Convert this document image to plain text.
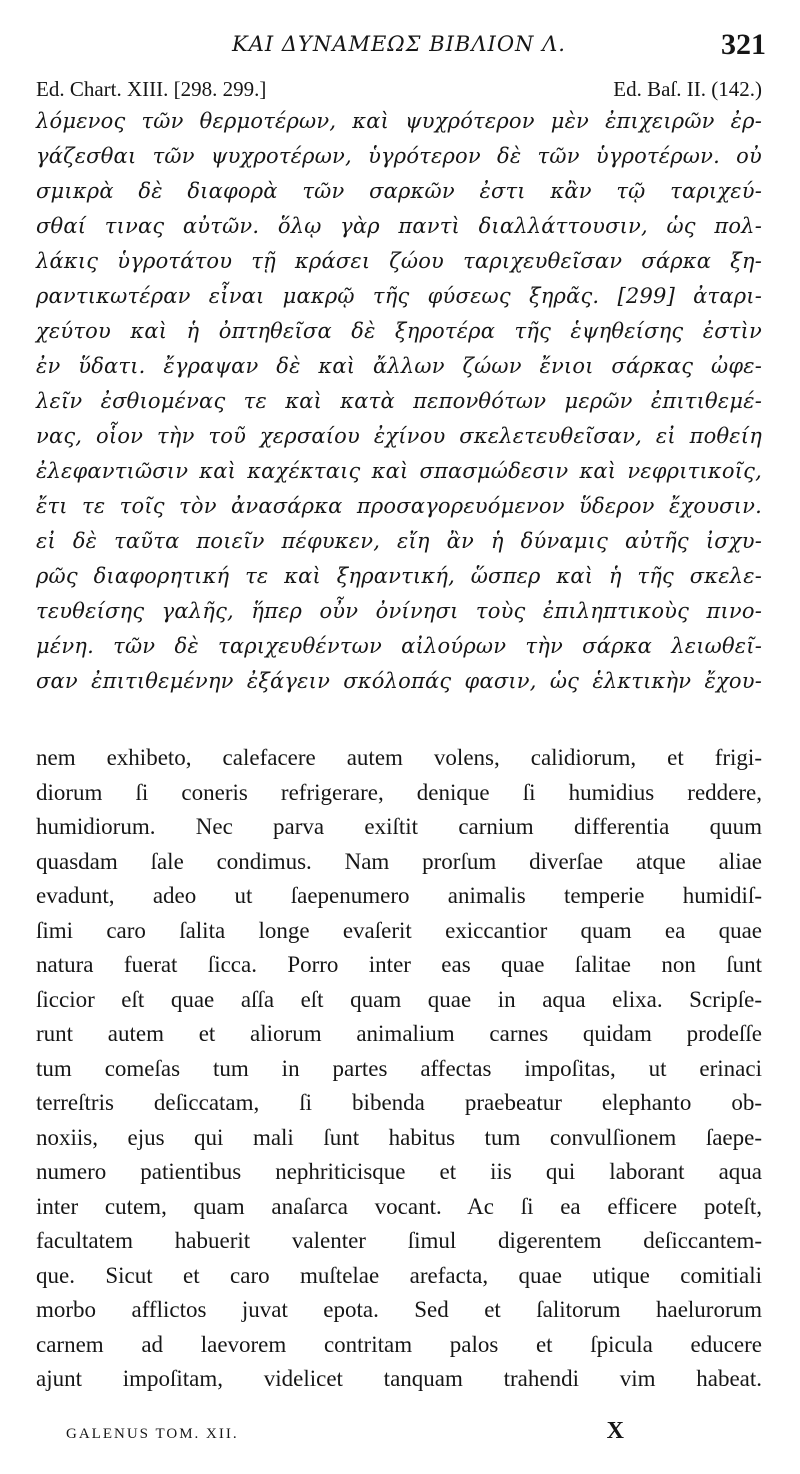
ΚΑΙ ΔΥΝΑΜΕΩΣ ΒΙΒΛΙΟΝ Λ.	321
Ed. Chart. XIII. [298. 299.]	Ed. Baſ. II. (142.)
λόμενος τῶν θερμοτέρων, καὶ ψυχρότερον μὲν ἐπιχειρῶν ἐρ-
γάζεσθαι τῶν ψυχροτέρων, ὑγρότερον δὲ τῶν ὑγροτέρων. οὐ
σμικρὰ δὲ διαφορὰ τῶν σαρκῶν ἐστι κἂν τῷ ταριχεύ-
σθαί τινας αὐτῶν. ὅλῳ γὰρ παντὶ διαλλάττουσιν, ὡς πολ-
λάκις ὑγροτάτου τῇ κράσει ζώου ταριχευθεῖσαν σάρκα ξη-
ραντικωτέραν εἶναι μακρῷ τῆς φύσεως ξηρᾶς. [299] ἀταρι-
χεύτου καὶ ἡ ὀπτηθεῖσα δὲ ξηροτέρα τῆς ἑψηθείσης ἐστὶν
ἐν ὕδατι. ἔγραψαν δὲ καὶ ἄλλων ζώων ἔνιοι σάρκας ὠφε-
λεῖν ἐσθιομένας τε καὶ κατὰ πεπονθότων μερῶν ἐπιτιθεμέ-
νας, οἷον τὴν τοῦ χερσαίου ἐχίνου σκελετευθεῖσαν, εἰ ποθείη
ἐλεφαντιῶσιν καὶ καχέκταις καὶ σπασμώδεσιν καὶ νεφριτικοῖς,
ἔτι τε τοῖς τὸν ἀνασάρκα προσαγορευόμενον ὕδερον ἔχουσιν.
εἰ δὲ ταῦτα ποιεῖν πέφυκεν, εἴη ἂν ἡ δύναμις αὐτῆς ἰσχυ-
ρῶς διαφορητική τε καὶ ξηραντική, ὥσπερ καὶ ἡ τῆς σκελε-
τευθείσης γαλῆς, ἥπερ οὖν ὀνίνησι τοὺς ἐπιληπτικοὺς πινο-
μένη. τῶν δὲ ταριχευθέντων αἰλούρων τὴν σάρκα λειωθεῖ-
σαν ἐπιτιθεμένην ἐξάγειν σκόλοπάς φασιν, ὡς ἑλκτικὴν ἔχου-
nem exhibeto, calefacere autem volens, calidiorum, et frigi-
diorum ſi coneris refrigerare, denique ſi humidius reddere,
humidiorum. Nec parva exiſtit carnium differentia quum
quasdam ſale condimus. Nam prorſum diverſae atque aliae
evadunt, adeo ut ſaepenumero animalis temperie humidiſ-
ſimi caro ſalita longe evaſerit exiccantior quam ea quae
natura fuerat ſicca. Porro inter eas quae ſalitae non ſunt
ſiccior eſt quae aſſa eſt quam quae in aqua elixa. Scripſe-
runt autem et aliorum animalium carnes quidam prodeſſe
tum comeſas tum in partes affectas impoſitas, ut erinaci
terreſtris deſiccatam, ſi bibenda praebeatur elephanto ob-
noxiis, ejus qui mali ſunt habitus tum convulſionem ſaepe-
numero patientibus nephriticisque et iis qui laborant aqua
inter cutem, quam anaſarca vocant. Ac ſi ea efficere poteſt,
facultatem habuerit valenter ſimul digerentem deſiccantem-
que. Sicut et caro muſtelae arefacta, quae utique comitiali
morbo afflictos juvat epota. Sed et ſalitorum haelurorum
carnem ad laevorem contritam palos et ſpicula educere
ajunt impoſitam, videlicet tanquam trahendi vim habeat.
GALENUS TOM. XII.	X
